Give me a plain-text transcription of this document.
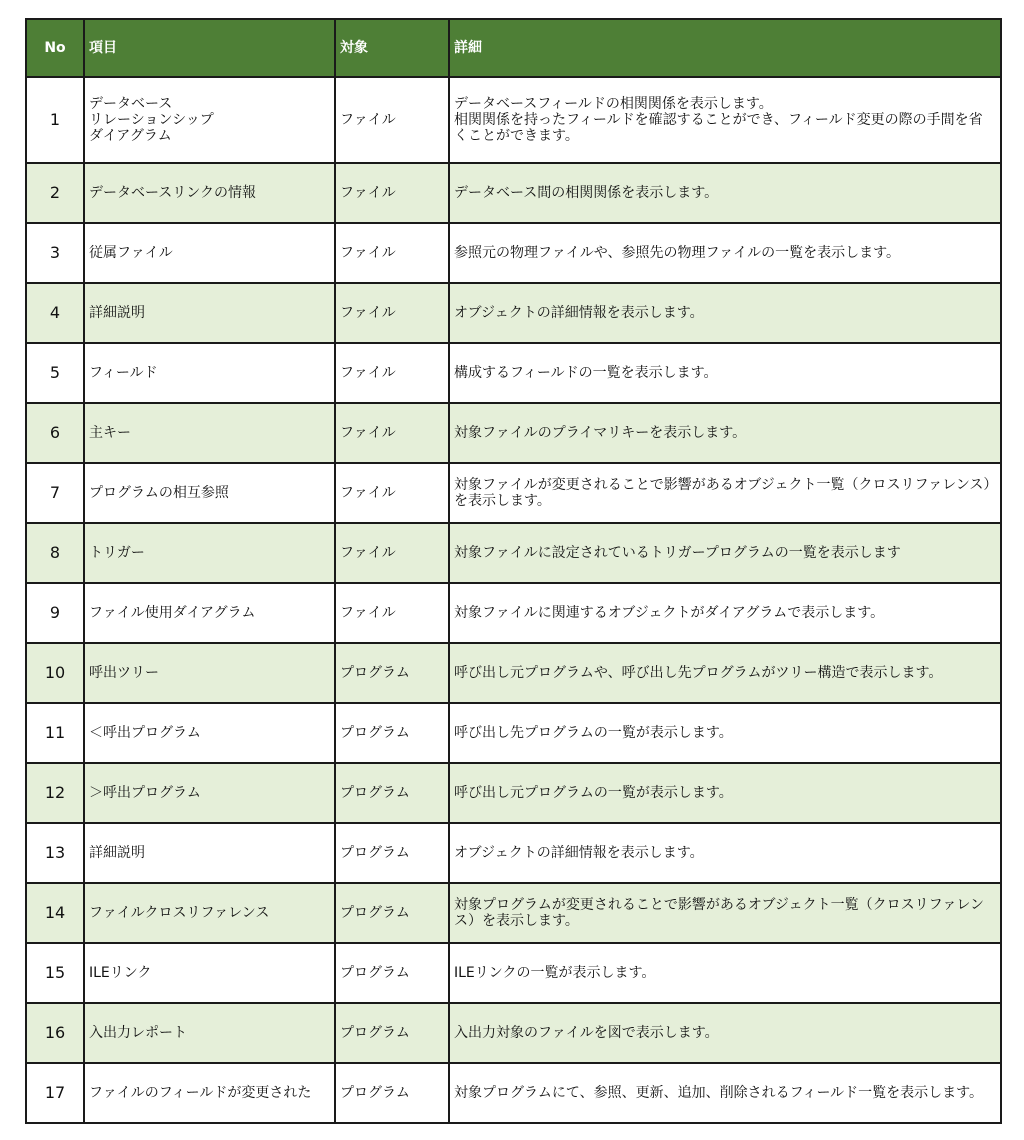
No	項目	対象	詳細
1	データベース
リレーションシップ
ダイアグラム	ファイル	データベースフィールドの相関関係を表示します。
相関関係を持ったフィールドを確認することができ、フィールド変更の際の手間を省くことができます。
2	データベースリンクの情報	ファイル	データベース間の相関関係を表示します。
3	従属ファイル	ファイル	参照元の物理ファイルや、参照先の物理ファイルの一覧を表示します。
4	詳細説明	ファイル	オブジェクトの詳細情報を表示します。
5	フィールド	ファイル	構成するフィールドの一覧を表示します。
6	主キー	ファイル	対象ファイルのプライマリキーを表示します。
7	プログラムの相互参照	ファイル	対象ファイルが変更されることで影響があるオブジェクト一覧（クロスリファレンス）を表示します。
8	トリガー	ファイル	対象ファイルに設定されているトリガープログラムの一覧を表示します
9	ファイル使用ダイアグラム	ファイル	対象ファイルに関連するオブジェクトがダイアグラムで表示します。
10	呼出ツリー	プログラム	呼び出し元プログラムや、呼び出し先プログラムがツリー構造で表示します。
11	＜呼出プログラム	プログラム	呼び出し先プログラムの一覧が表示します。
12	＞呼出プログラム	プログラム	呼び出し元プログラムの一覧が表示します。
13	詳細説明	プログラム	オブジェクトの詳細情報を表示します。
14	ファイルクロスリファレンス	プログラム	対象プログラムが変更されることで影響があるオブジェクト一覧（クロスリファレンス）を表示します。
15	ILEリンク	プログラム	ILEリンクの一覧が表示します。
16	入出力レポート	プログラム	入出力対象のファイルを図で表示します。
17	ファイルのフィールドが変更された	プログラム	対象プログラムにて、参照、更新、追加、削除されるフィールド一覧を表示します。
